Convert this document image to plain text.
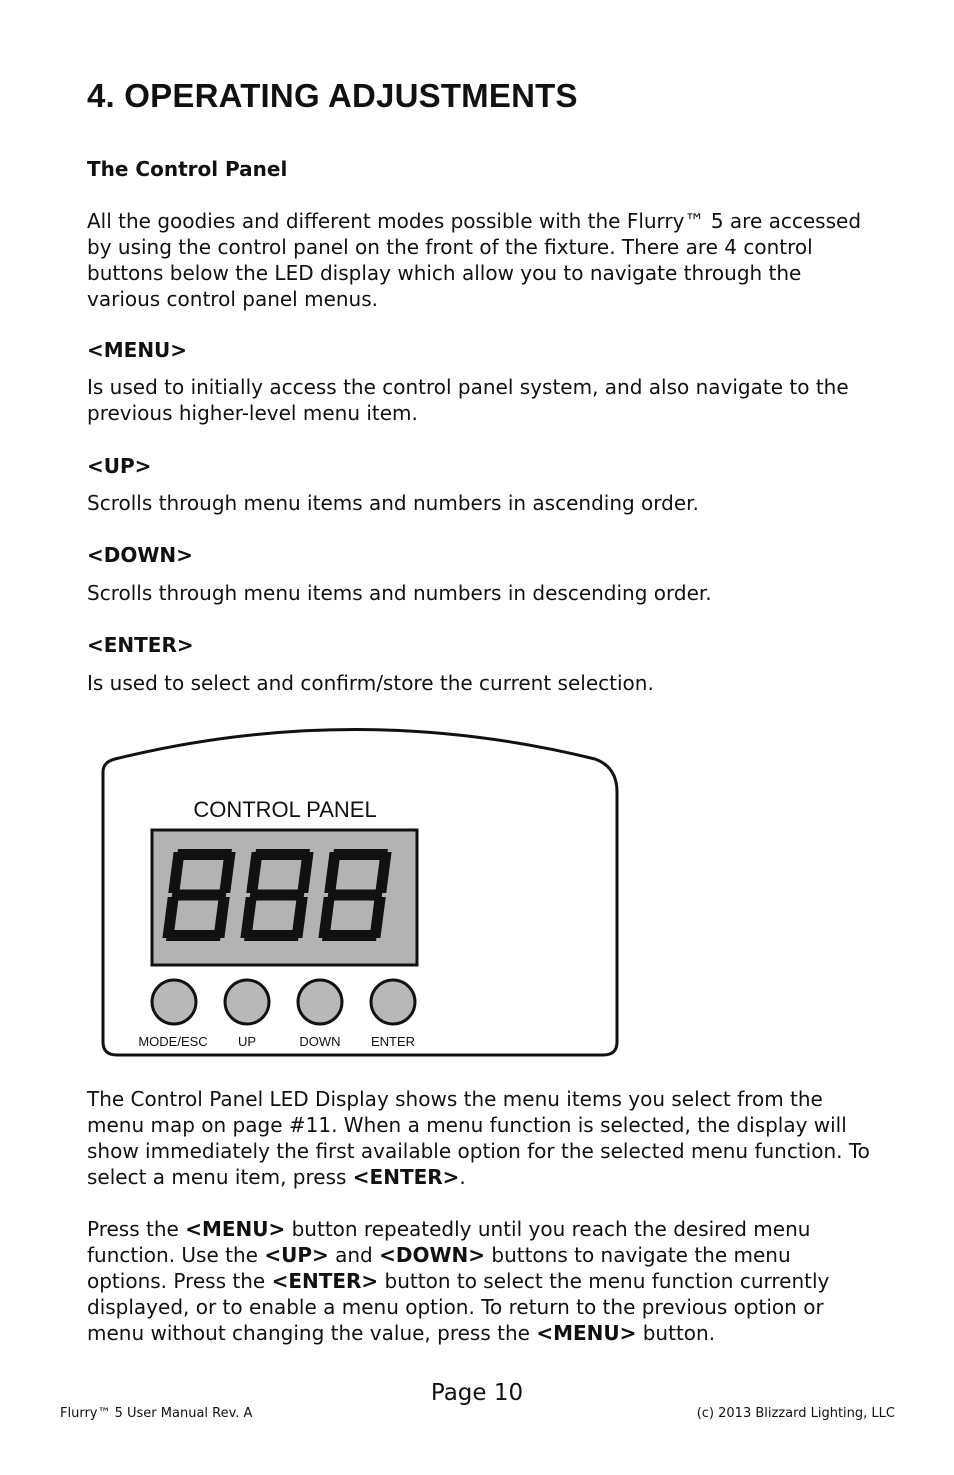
4. OPERATING ADJUSTMENTS
The Control Panel

All the goodies and different modes possible with the Flurry™ 5 are accessed by using the control panel on the front of the fixture. There are 4 control buttons below the LED display which allow you to navigate through the various control panel menus.

<MENU>

Is used to initially access the control panel system, and also navigate to the previous higher-level menu item.

<UP>

Scrolls through menu items and numbers in ascending order.

<DOWN>

Scrolls through menu items and numbers in descending order.

<ENTER>

Is used to select and confirm/store the current selection.

CONTROL PANEL
MODE/ESC UP	DOWN ENTER

The Control Panel LED Display shows the menu items you select from the menu map on page #11. When a menu function is selected, the display will show immediately the first available option for the selected menu function. To select a menu item, press <ENTER>.

Press the <MENU> button repeatedly until you reach the desired menu function. Use the <UP> and <DOWN> buttons to navigate the menu options. Press the <ENTER> button to select the menu function currently displayed, or to enable a menu option. To return to the previous option or menu without changing the value, press the <MENU> button.

Page 10
Flurry™ 5 User Manual Rev. A	(c) 2013 Blizzard Lighting, LLC
